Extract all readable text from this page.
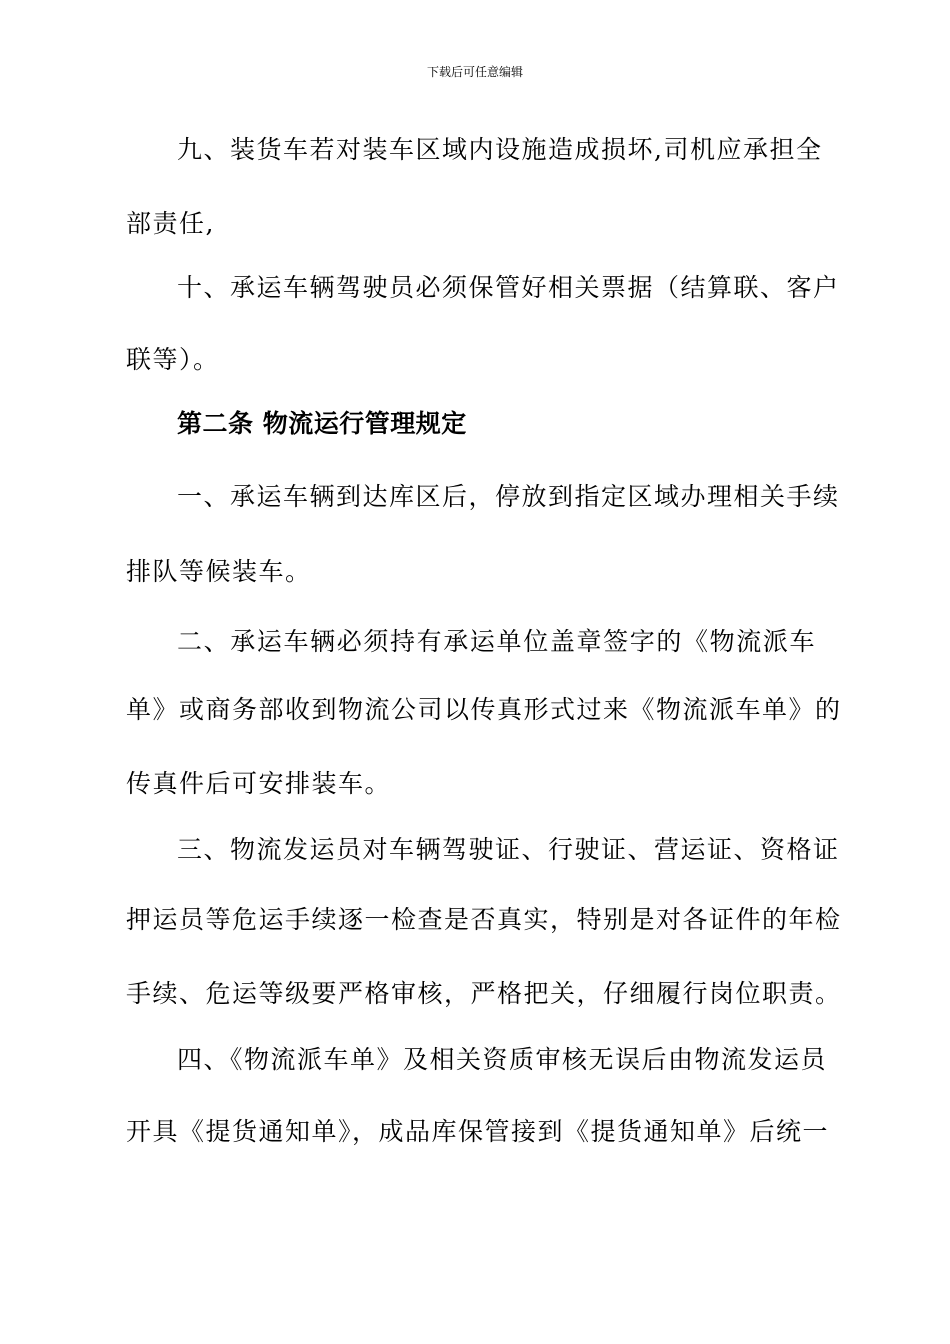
下载后可任意编辑
九、装货车若对装车区域内设施造成损坏,司机应承担全
部责任,
十、承运车辆驾驶员必须保管好相关票据（结算联、客户
联等）。
第二条 物流运行管理规定
一、承运车辆到达库区后，停放到指定区域办理相关手续
排队等候装车。
二、承运车辆必须持有承运单位盖章签字的《物流派车
单》或商务部收到物流公司以传真形式过来《物流派车单》的
传真件后可安排装车。
三、物流发运员对车辆驾驶证、行驶证、营运证、资格证
押运员等危运手续逐一检查是否真实，特别是对各证件的年检
手续、危运等级要严格审核，严格把关，仔细履行岗位职责。
四、《物流派车单》及相关资质审核无误后由物流发运员
开具《提货通知单》，成品库保管接到《提货通知单》后统一
